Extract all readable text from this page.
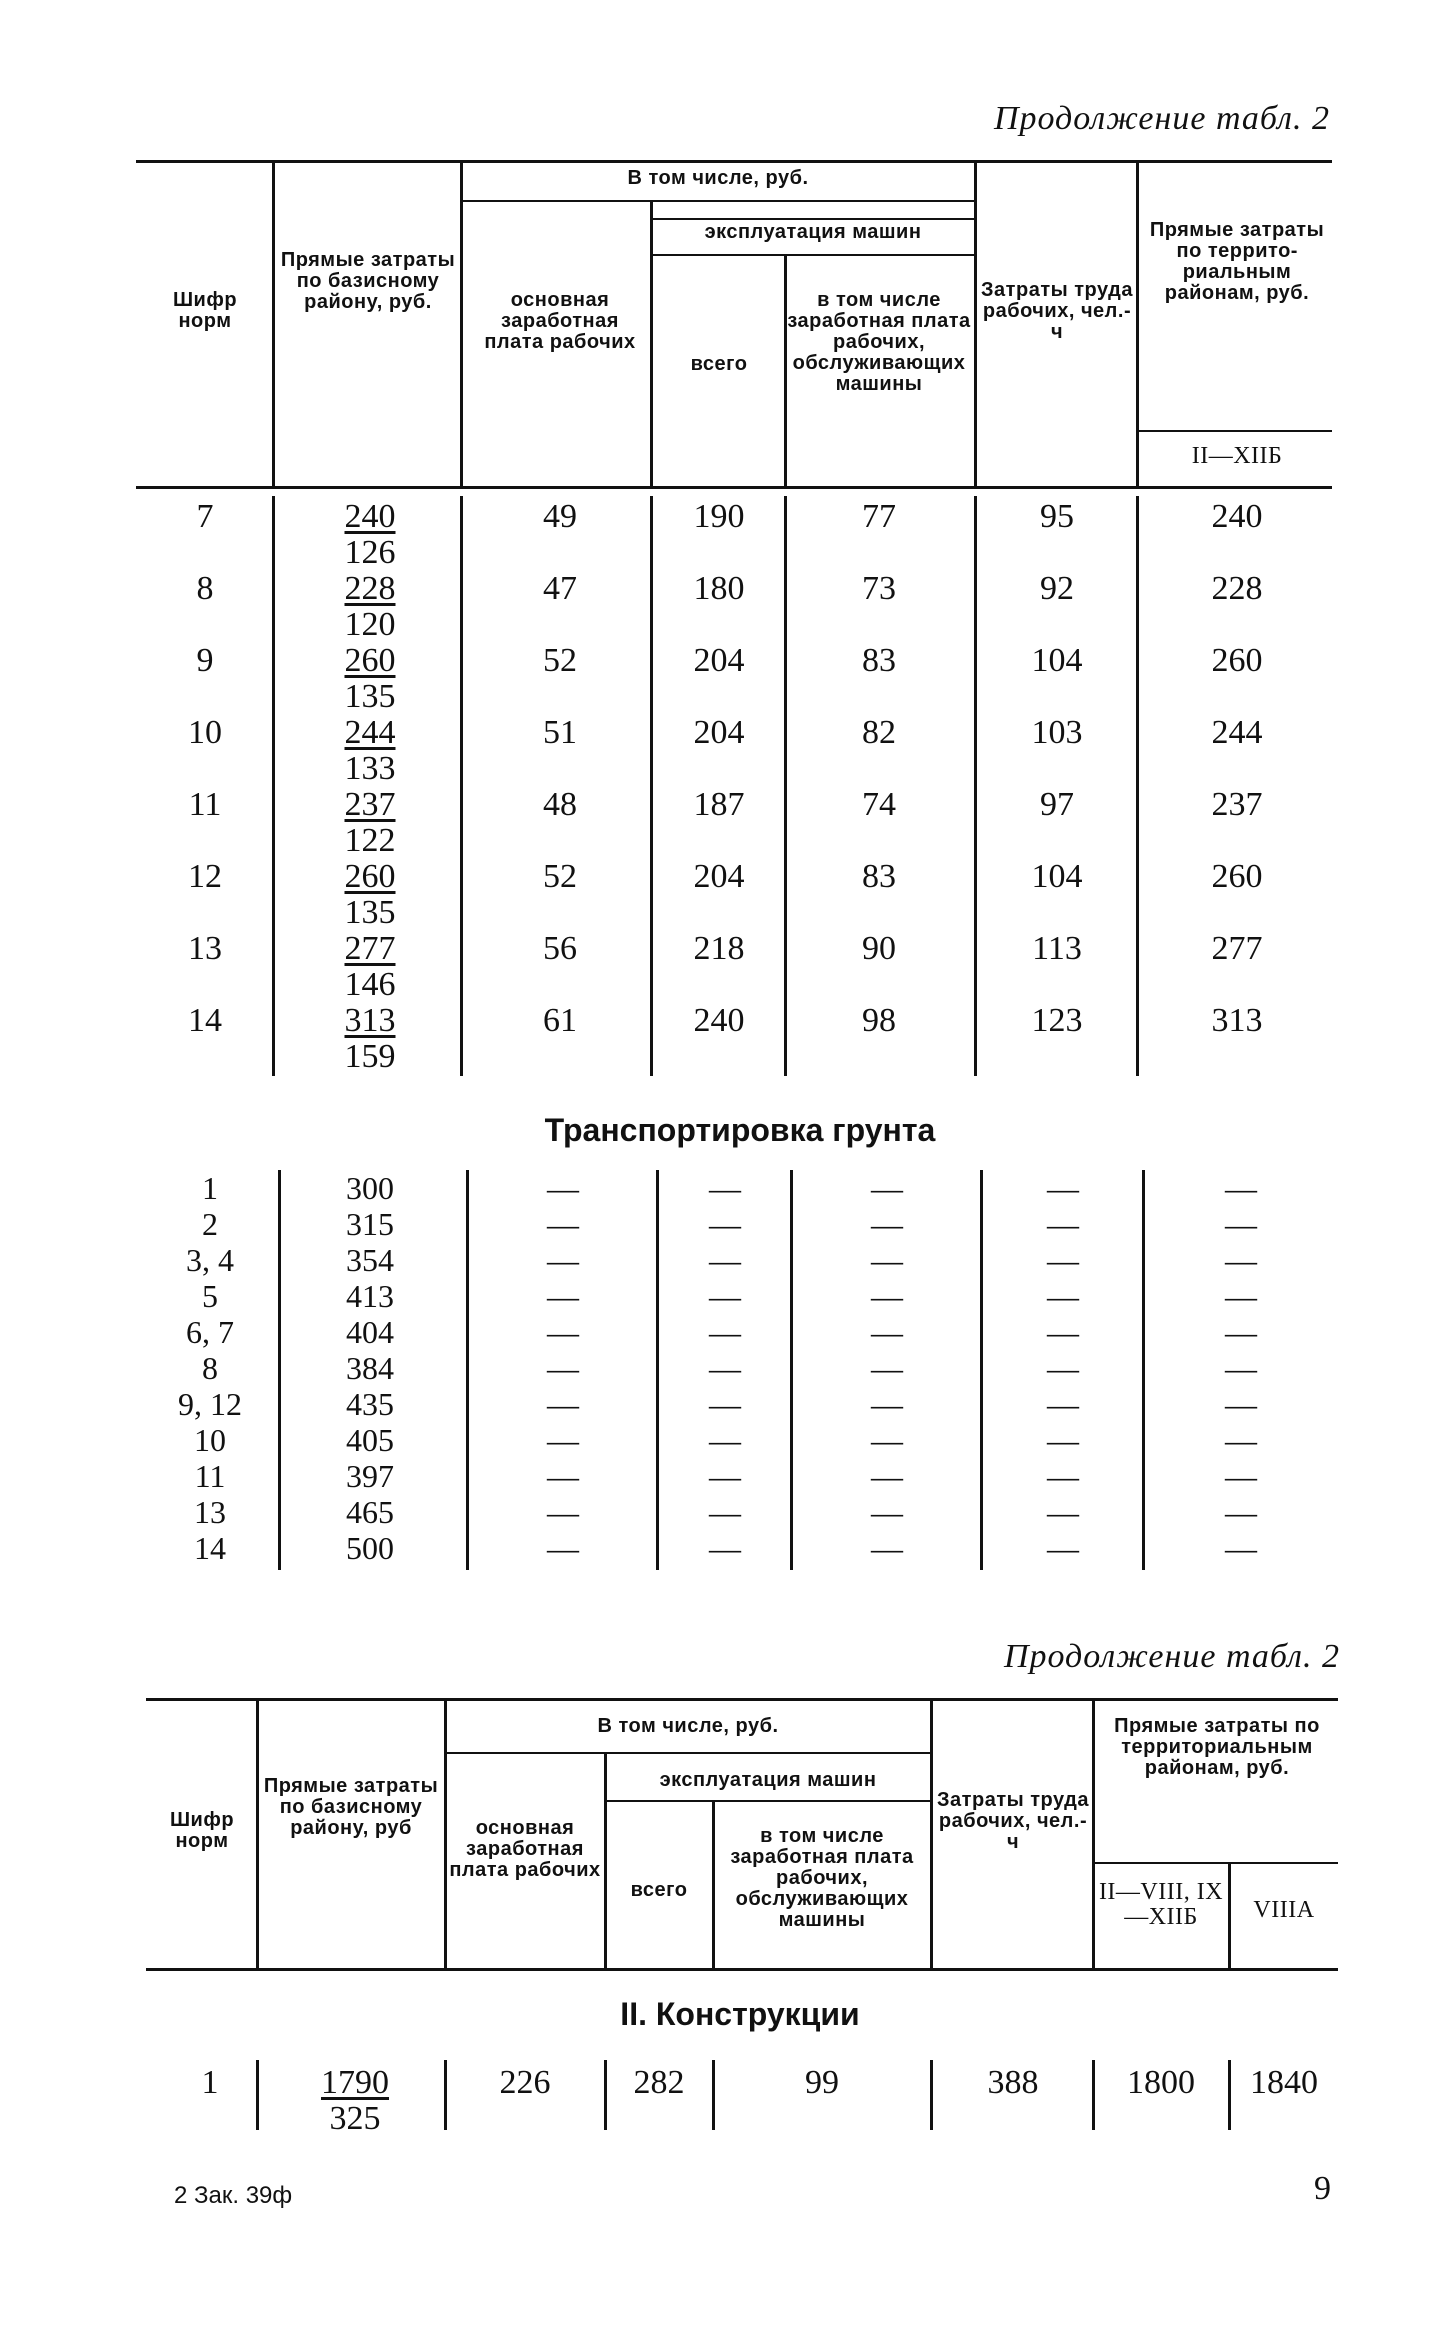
Продолжение табл. 2
Шифр норм
Прямые затраты по базисному району, руб.
В том числе, руб.
основная заработная плата рабочих
эксплуатация машин
всего
в том числе заработная плата рабочих, обслуживающих машины
Затраты труда рабочих, чел.-ч
Прямые затраты по территориальным районам, руб.
II—XIIБ
7	$\frac{240}{126}$	49	190	77	95	240
8	$\frac{228}{120}$	47	180	73	92	228
9	$\frac{260}{135}$	52	204	83	104	260
10	$\frac{244}{133}$	51	204	82	103	244
11	$\frac{237}{122}$	48	187	74	97	237
12	$\frac{260}{135}$	52	204	83	104	260
13	$\frac{277}{146}$	56	218	90	113	277
14	$\frac{313}{159}$	61	240	98	123	313
Транспортировка грунта
1	300	—	—	—	—	—
2	315	—	—	—	—	—
3, 4	354	—	—	—	—	—
5	413	—	—	—	—	—
6, 7	404	—	—	—	—	—
8	384	—	—	—	—	—
9, 12	435	—	—	—	—	—
10	405	—	—	—	—	—
11	397	—	—	—	—	—
13	465	—	—	—	—	—
14	500	—	—	—	—	—
Продолжение табл. 2
Шифр норм
Прямые затраты по базисному району, руб
В том числе, руб.
основная заработная плата рабочих
эксплуатация машин
всего
в том числе заработная плата рабочих, обслуживающих машины
Затраты труда рабочих, чел.-ч
Прямые затраты по территориальным районам, руб.
II—VIII, IX—XIIБ	VIIIA
II. Конструкции
1	$\frac{1790}{325}$	226	282	99	388	1800	1840
2 Зак. 39ф	9
